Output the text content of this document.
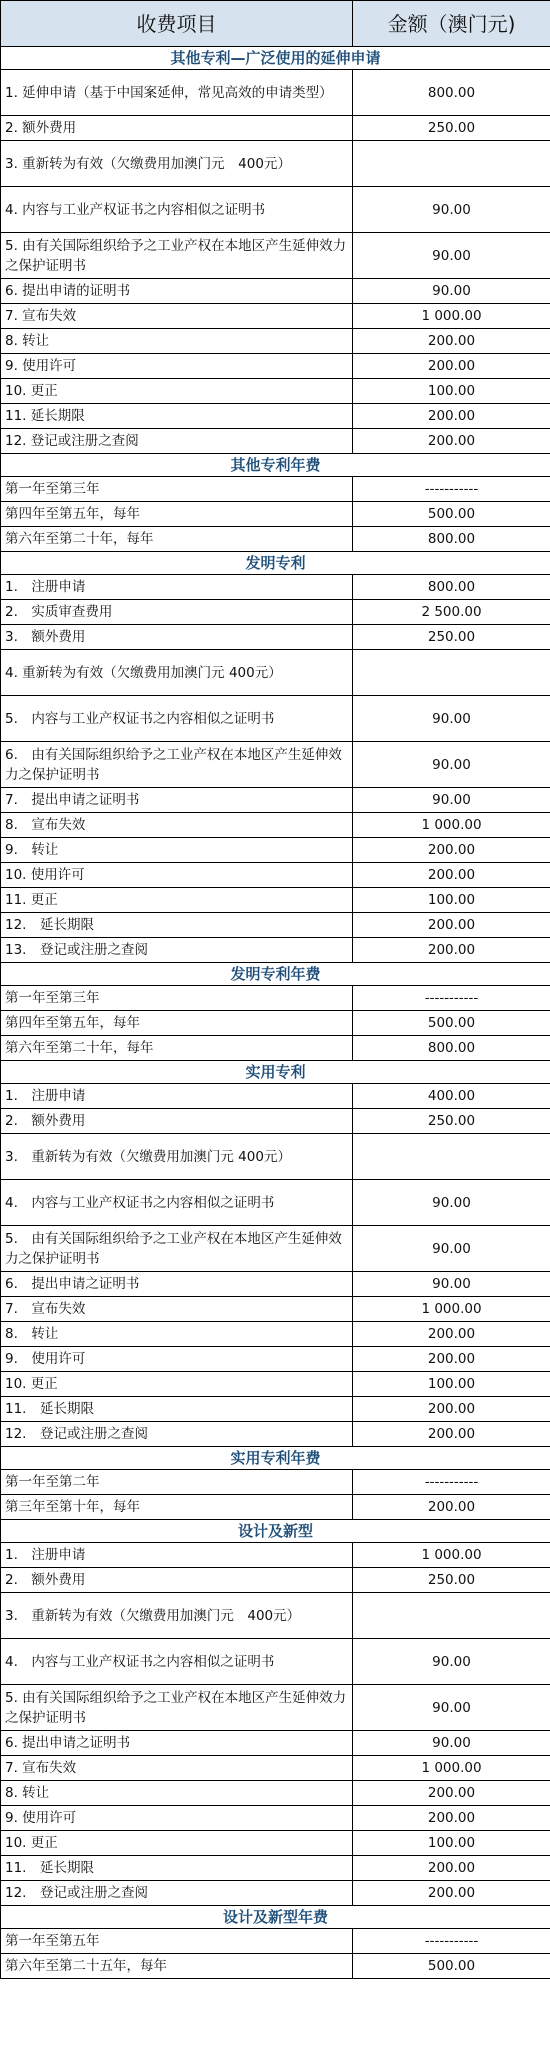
收费项目	金额（澳门元)
其他专利—广泛使用的延伸申请	
1. 延伸申请（基于中国案延伸，常见高效的申请类型）	800.00
2. 额外费用	250.00
3. 重新转为有效（欠缴费用加澳门元　400元）	
4. 内容与工业产权证书之内容相似之证明书	90.00
5. 由有关国际组织给予之工业产权在本地区产生延伸效力之保护证明书	90.00
6. 提出申请的证明书	90.00
7. 宣布失效	1 000.00
8. 转让	200.00
9. 使用许可	200.00
10. 更正	100.00
11. 延长期限	200.00
12. 登记或注册之查阅	200.00
其他专利年费	
第一年至第三年	-----------
第四年至第五年，每年	500.00
第六年至第二十年，每年	800.00
发明专利	
1.　注册申请	800.00
2.　实质审查费用	2 500.00
3.　额外费用	250.00
4. 重新转为有效（欠缴费用加澳门元 400元）	
5.　内容与工业产权证书之内容相似之证明书	90.00
6.　由有关国际组织给予之工业产权在本地区产生延伸效力之保护证明书	90.00
7.　提出申请之证明书	90.00
8.　宣布失效	1 000.00
9.　转让	200.00
10. 使用许可	200.00
11. 更正	100.00
12.　延长期限	200.00
13.　登记或注册之查阅	200.00
发明专利年费	
第一年至第三年	-----------
第四年至第五年，每年	500.00
第六年至第二十年，每年	800.00
实用专利	
1.　注册申请	400.00
2.　额外费用	250.00
3.　重新转为有效（欠缴费用加澳门元 400元）	
4.　内容与工业产权证书之内容相似之证明书	90.00
5.　由有关国际组织给予之工业产权在本地区产生延伸效力之保护证明书	90.00
6.　提出申请之证明书	90.00
7.　宣布失效	1 000.00
8.　转让	200.00
9.　使用许可	200.00
10. 更正	100.00
11.　延长期限	200.00
12.　登记或注册之查阅	200.00
实用专利年费	
第一年至第二年	-----------
第三年至第十年，每年	200.00
设计及新型	
1.　注册申请	1 000.00
2.　额外费用	250.00
3.　重新转为有效（欠缴费用加澳门元　400元）	
4.　内容与工业产权证书之内容相似之证明书	90.00
5. 由有关国际组织给予之工业产权在本地区产生延伸效力之保护证明书	90.00
6. 提出申请之证明书	90.00
7. 宣布失效	1 000.00
8. 转让	200.00
9. 使用许可	200.00
10. 更正	100.00
11.　延长期限	200.00
12.　登记或注册之查阅	200.00
设计及新型年费	
第一年至第五年	-----------
第六年至第二十五年，每年	500.00
